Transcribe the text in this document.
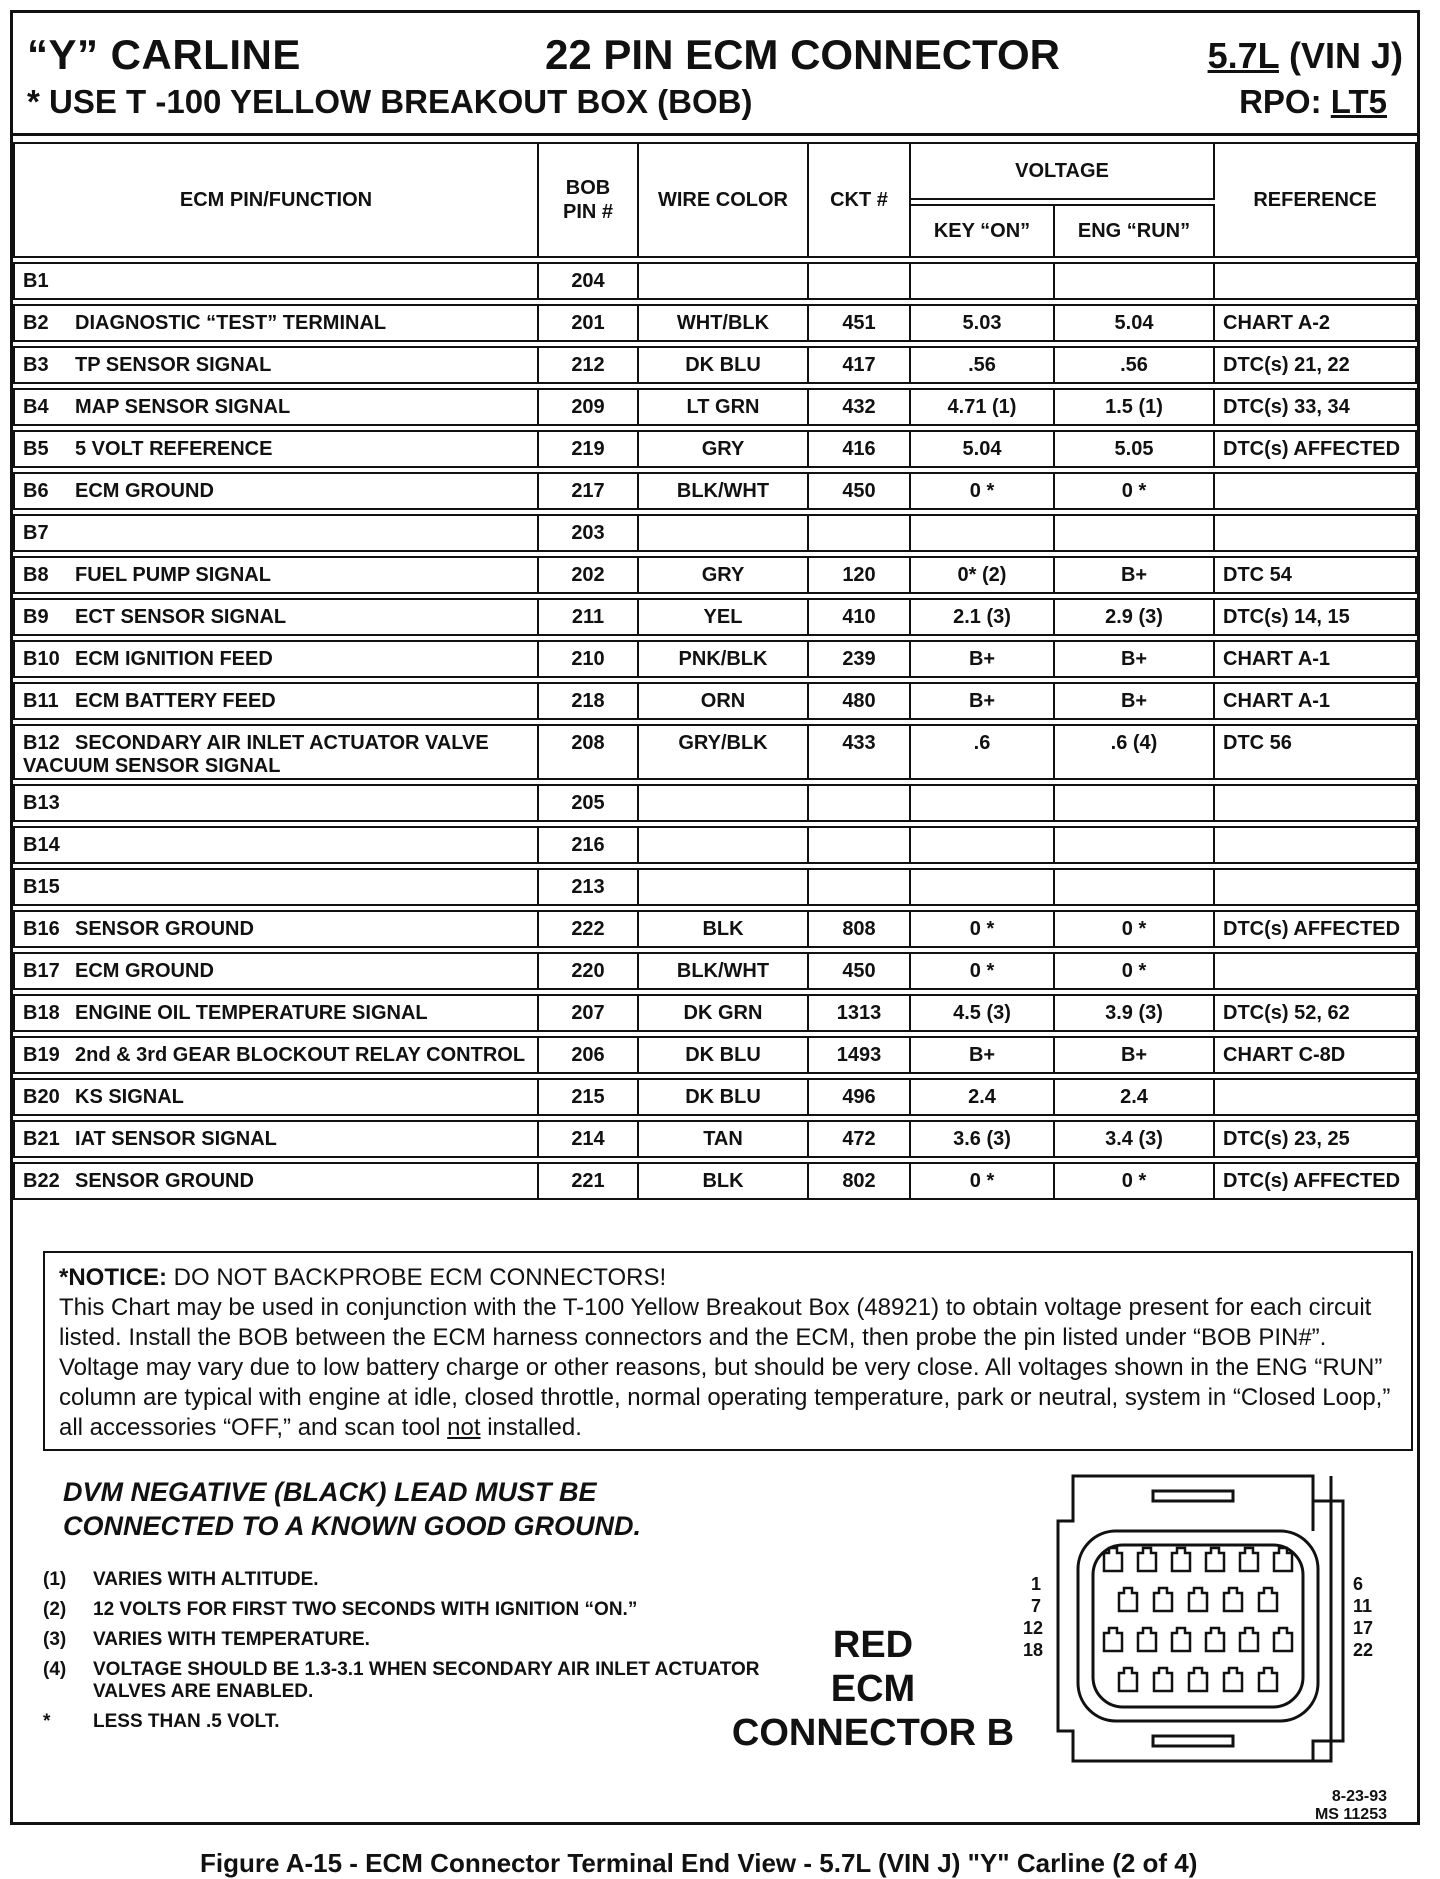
“Y” CARLINE	22 PIN ECM CONNECTOR	5.7L (VIN J)
* USE T -100 YELLOW BREAKOUT BOX (BOB)	RPO: LT5
ECM PIN/FUNCTION	BOB PIN #	WIRE COLOR	CKT #	VOLTAGE		REFERENCE
				KEY “ON”	ENG “RUN”	
B1	204					
B2 DIAGNOSTIC “TEST” TERMINAL	201	WHT/BLK	451	5.03	5.04	CHART A-2
B3 TP SENSOR SIGNAL	212	DK BLU	417	.56	.56	DTC(s) 21, 22
B4 MAP SENSOR SIGNAL	209	LT GRN	432	4.71 (1)	1.5 (1)	DTC(s) 33, 34
B5 5 VOLT REFERENCE	219	GRY	416	5.04	5.05	DTC(s) AFFECTED
B6 ECM GROUND	217	BLK/WHT	450	0 *	0 *	
B7	203					
B8 FUEL PUMP SIGNAL	202	GRY	120	0* (2)	B+	DTC 54
B9 ECT SENSOR SIGNAL	211	YEL	410	2.1 (3)	2.9 (3)	DTC(s) 14, 15
B10 ECM IGNITION FEED	210	PNK/BLK	239	B+	B+	CHART A-1
B11 ECM BATTERY FEED	218	ORN	480	B+	B+	CHART A-1
B12 SECONDARY AIR INLET ACTUATOR VALVE VACUUM SENSOR SIGNAL	208	GRY/BLK	433	.6	.6 (4)	DTC 56
B13	205					
B14	216					
B15	213					
B16 SENSOR GROUND	222	BLK	808	0 *	0 *	DTC(s) AFFECTED
B17 ECM GROUND	220	BLK/WHT	450	0 *	0 *	
B18 ENGINE OIL TEMPERATURE SIGNAL	207	DK GRN	1313	4.5 (3)	3.9 (3)	DTC(s) 52, 62
B19 2nd & 3rd GEAR BLOCKOUT RELAY CONTROL	206	DK BLU	1493	B+	B+	CHART C-8D
B20 KS SIGNAL	215	DK BLU	496	2.4	2.4	
B21 IAT SENSOR SIGNAL	214	TAN	472	3.6 (3)	3.4 (3)	DTC(s) 23, 25
B22 SENSOR GROUND	221	BLK	802	0 *	0 *	DTC(s) AFFECTED
*NOTICE: DO NOT BACKPROBE ECM CONNECTORS!
This Chart may be used in conjunction with the T-100 Yellow Breakout Box (48921) to obtain voltage present for each circuit listed. Install the BOB between the ECM harness connectors and the ECM, then probe the pin listed under “BOB PIN#”. Voltage may vary due to low battery charge or other reasons, but should be very close. All voltages shown in the ENG “RUN” column are typical with engine at idle, closed throttle, normal operating temperature, park or neutral, system in “Closed Loop,” all accessories “OFF,” and scan tool not installed.
DVM NEGATIVE (BLACK) LEAD MUST BE CONNECTED TO A KNOWN GOOD GROUND.
(1)	VARIES WITH ALTITUDE.
(2)	12 VOLTS FOR FIRST TWO SECONDS WITH IGNITION “ON.”
(3)	VARIES WITH TEMPERATURE.
(4)	VOLTAGE SHOULD BE 1.3-3.1 WHEN SECONDARY AIR INLET ACTUATOR VALVES ARE ENABLED.
*	LESS THAN .5 VOLT.
RED
ECM
CONNECTOR B
1
7
12
18
6
11
17
22
8-23-93
MS 11253
Figure A-15 - ECM Connector Terminal End View - 5.7L (VIN J) "Y" Carline (2 of 4)
